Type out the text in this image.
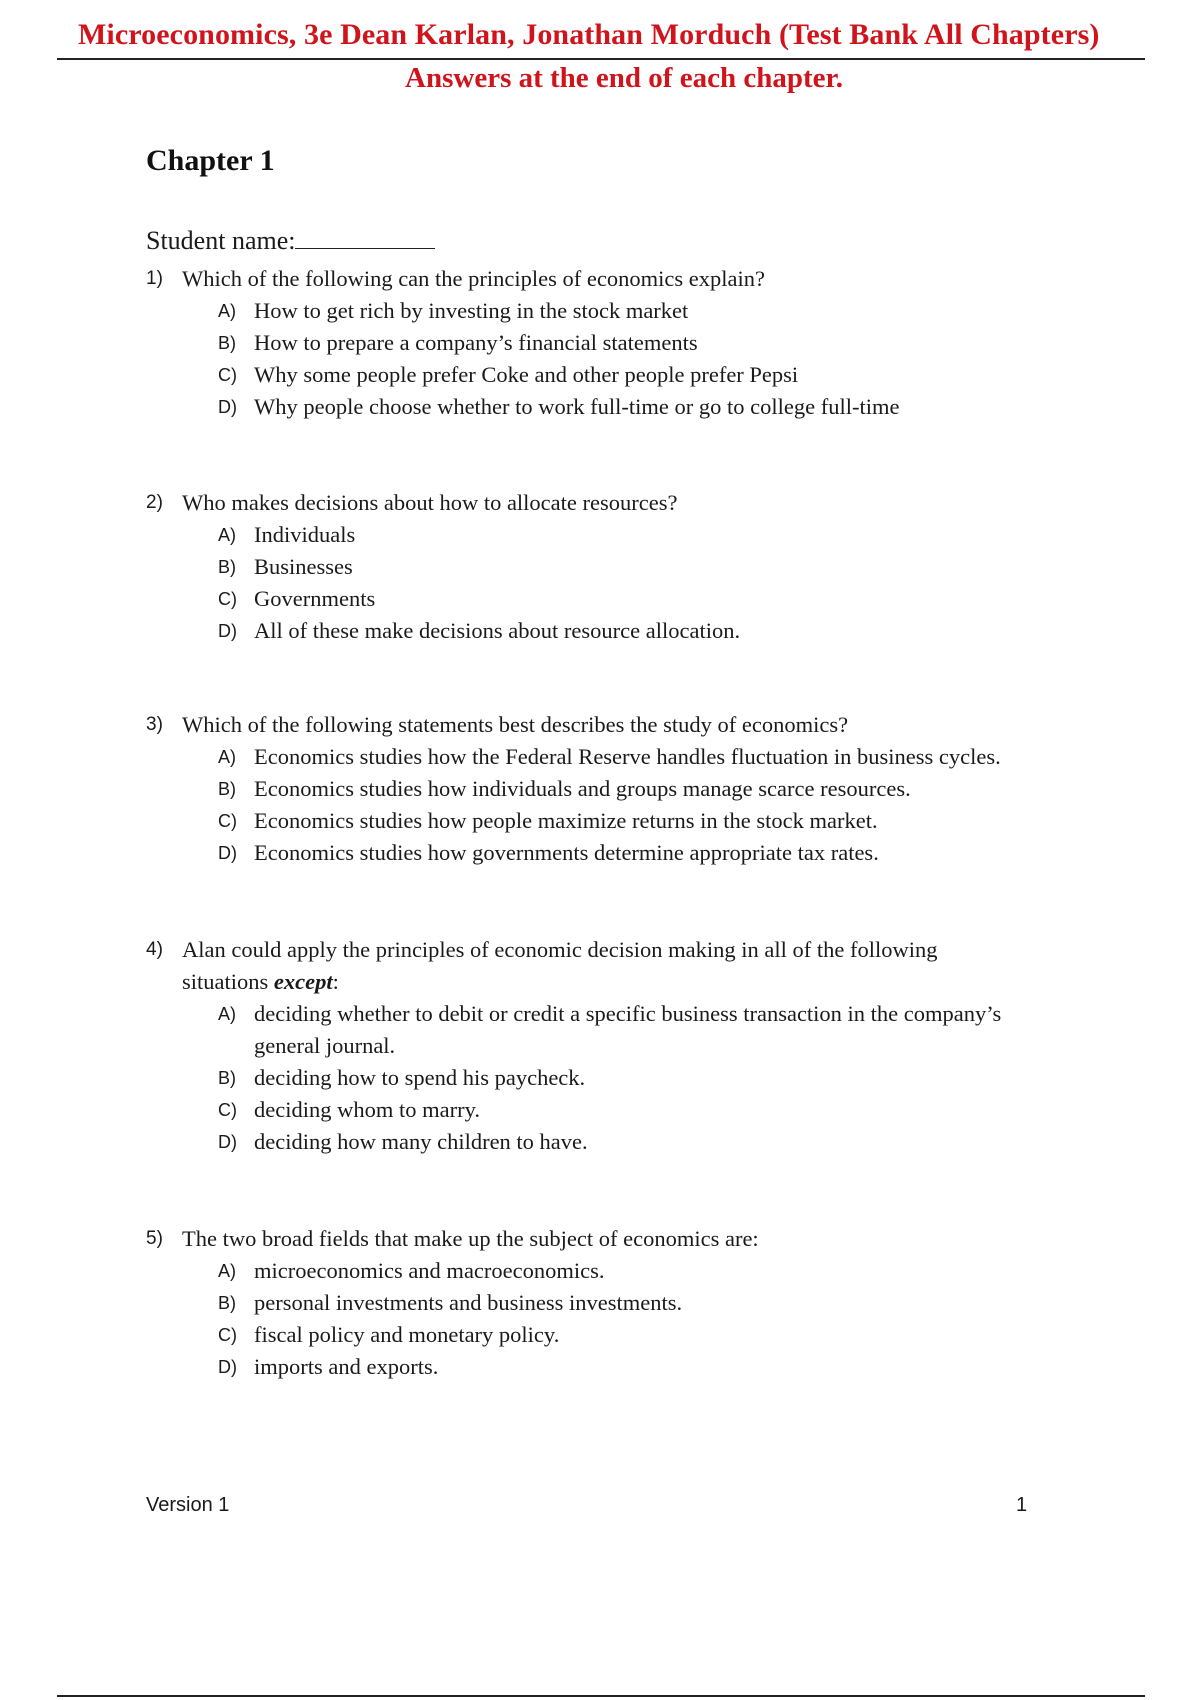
Microeconomics, 3e Dean Karlan, Jonathan Morduch (Test Bank All Chapters)
Answers at the end of each chapter.
Chapter 1
Student name:
1) Which of the following can the principles of economics explain?
A) How to get rich by investing in the stock market
B) How to prepare a company’s financial statements
C) Why some people prefer Coke and other people prefer Pepsi
D) Why people choose whether to work full-time or go to college full-time
2) Who makes decisions about how to allocate resources?
A) Individuals
B) Businesses
C) Governments
D) All of these make decisions about resource allocation.
3) Which of the following statements best describes the study of economics?
A) Economics studies how the Federal Reserve handles fluctuation in business cycles.
B) Economics studies how individuals and groups manage scarce resources.
C) Economics studies how people maximize returns in the stock market.
D) Economics studies how governments determine appropriate tax rates.
4) Alan could apply the principles of economic decision making in all of the following
situations except:
A) deciding whether to debit or credit a specific business transaction in the company’s
general journal.
B) deciding how to spend his paycheck.
C) deciding whom to marry.
D) deciding how many children to have.
5) The two broad fields that make up the subject of economics are:
A) microeconomics and macroeconomics.
B) personal investments and business investments.
C) fiscal policy and monetary policy.
D) imports and exports.
Version 1	1
